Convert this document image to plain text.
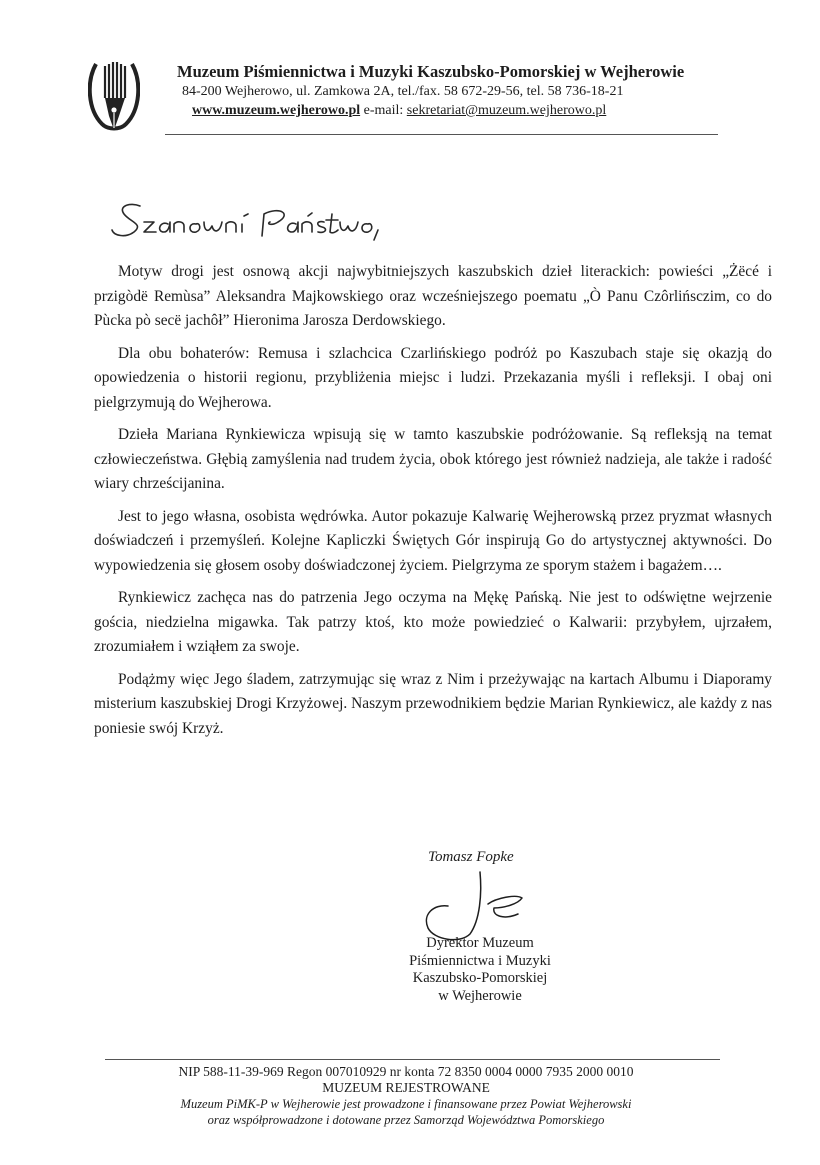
Muzeum Piśmiennictwa i Muzyki Kaszubsko-Pomorskiej w Wejherowie
84-200 Wejherowo, ul. Zamkowa 2A, tel./fax. 58 672-29-56, tel. 58 736-18-21
www.muzeum.wejherowo.pl e-mail: sekretariat@muzeum.wejherowo.pl

Motyw drogi jest osnową akcji najwybitniejszych kaszubskich dzieł literackich: powieści „Żëcé i przigòdë Remùsa” Aleksandra Majkowskiego oraz wcześniejszego poematu „Ò Panu Czôrlińsczim, co do Pùcka pò secë jachôł” Hieronima Jarosza Derdowskiego.

Dla obu bohaterów: Remusa i szlachcica Czarlińskiego podróż po Kaszubach staje się okazją do opowiedzenia o historii regionu, przybliżenia miejsc i ludzi. Przekazania myśli i refleksji. I obaj oni pielgrzymują do Wejherowa.

Dzieła Mariana Rynkiewicza wpisują się w tamto kaszubskie podróżowanie. Są refleksją na temat człowieczeństwa. Głębią zamyślenia nad trudem życia, obok którego jest również nadzieja, ale także i radość wiary chrześcijanina.

Jest to jego własna, osobista wędrówka. Autor pokazuje Kalwarię Wejherowską przez pryzmat własnych doświadczeń i przemyśleń. Kolejne Kapliczki Świętych Gór inspirują Go do artystycznej aktywności. Do wypowiedzenia się głosem osoby doświadczonej życiem. Pielgrzyma ze sporym stażem i bagażem….

Rynkiewicz zachęca nas do patrzenia Jego oczyma na Mękę Pańską. Nie jest to odświętne wejrzenie gościa, niedzielna migawka. Tak patrzy ktoś, kto może powiedzieć o Kalwarii: przybyłem, ujrzałem, zrozumiałem i wziąłem za swoje.

Podążmy więc Jego śladem, zatrzymując się wraz z Nim i przeżywając na kartach Albumu i Diaporamy misterium kaszubskiej Drogi Krzyżowej. Naszym przewodnikiem będzie Marian Rynkiewicz, ale każdy z nas poniesie swój Krzyż.

Tomasz Fopke
Dyrektor Muzeum
Piśmiennictwa i Muzyki
Kaszubsko-Pomorskiej
w Wejherowie
NIP 588-11-39-969 Regon 007010929 nr konta 72 8350 0004 0000 7935 2000 0010
MUZEUM REJESTROWANE
Muzeum PiMK-P w Wejherowie jest prowadzone i finansowane przez Powiat Wejherowski
oraz współprowadzone i dotowane przez Samorząd Województwa Pomorskiego
